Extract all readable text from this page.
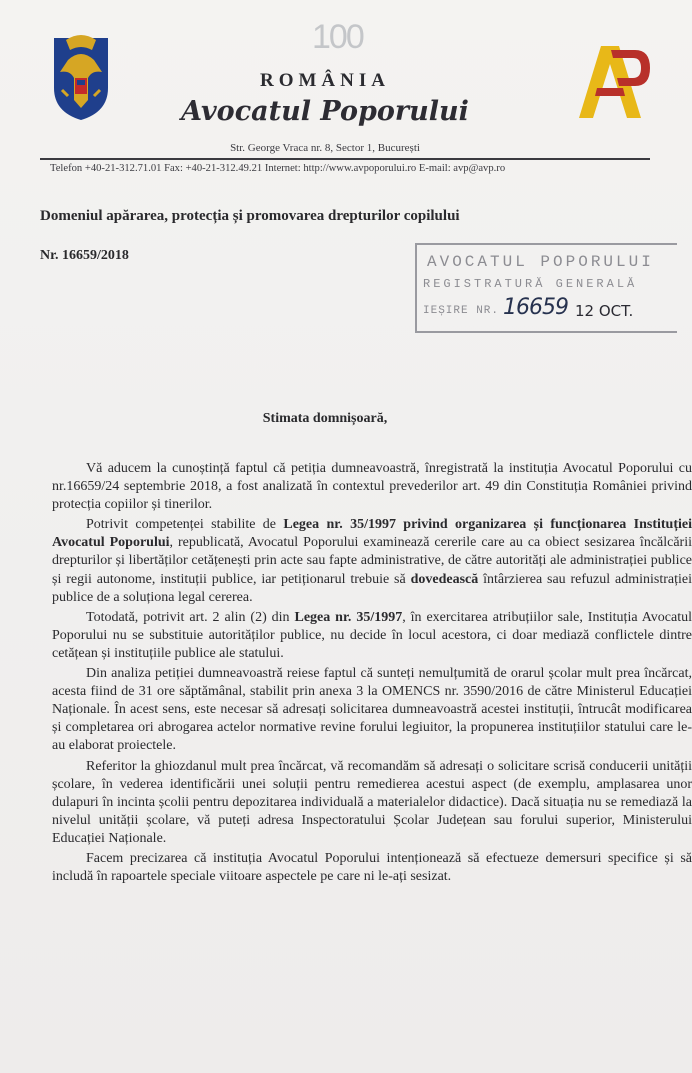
100
ROMÂNIA
Avocatul Poporului
Str. George Vraca nr. 8, Sector 1, București
Telefon +40-21-312.71.01 Fax: +40-21-312.49.21 Internet: http://www.avpoporului.ro E-mail: avp@avp.ro
Domeniul apărarea, protecția și promovarea drepturilor copilului
Nr. 16659/2018	AVOCATUL POPORULUI
REGISTRATURĂ GENERALĂ
IEȘIRE NR. 16659 12 OCT.
Stimata domnișoară,

Vă aducem la cunoștință faptul că petiția dumneavoastră, înregistrată la instituția Avocatul Poporului cu nr.16659/24 septembrie 2018, a fost analizată în contextul prevederilor art. 49 din Constituția României privind protecția copiilor și tinerilor.

Potrivit competenței stabilite de Legea nr. 35/1997 privind organizarea și funcționarea Instituției Avocatul Poporului, republicată, Avocatul Poporului examinează cererile care au ca obiect sesizarea încălcării drepturilor și libertăților cetățenești prin acte sau fapte administrative, de către autorități ale administrației publice și regii autonome, instituții publice, iar petiționarul trebuie să dovedească întârzierea sau refuzul administrației publice de a soluționa legal cererea.

Totodată, potrivit art. 2 alin (2) din Legea nr. 35/1997, în exercitarea atribuțiilor sale, Instituția Avocatul Poporului nu se substituie autorităților publice, nu decide în locul acestora, ci doar mediază conflictele dintre cetățean și instituțiile publice ale statului.

Din analiza petiției dumneavoastră reiese faptul că sunteți nemulțumită de orarul școlar mult prea încărcat, acesta fiind de 31 ore săptămânal, stabilit prin anexa 3 la OMENCS nr. 3590/2016 de către Ministerul Educației Naționale. În acest sens, este necesar să adresați solicitarea dumneavoastră acestei instituții, întrucât modificarea și completarea ori abrogarea actelor normative revine forului legiuitor, la propunerea instituțiilor statului care le-au elaborat proiectele.

Referitor la ghiozdanul mult prea încărcat, vă recomandăm să adresați o solicitare scrisă conducerii unității școlare, în vederea identificării unei soluții pentru remedierea acestui aspect (de exemplu, amplasarea unor dulapuri în incinta școlii pentru depozitarea individuală a materialelor didactice). Dacă situația nu se remediază la nivelul unității școlare, vă puteți adresa Inspectoratului Școlar Județean sau forului superior, Ministerului Educației Naționale.

Facem precizarea că instituția Avocatul Poporului intenționează să efectueze demersuri specifice și să includă în rapoartele speciale viitoare aspectele pe care ni le-ați sesizat.
